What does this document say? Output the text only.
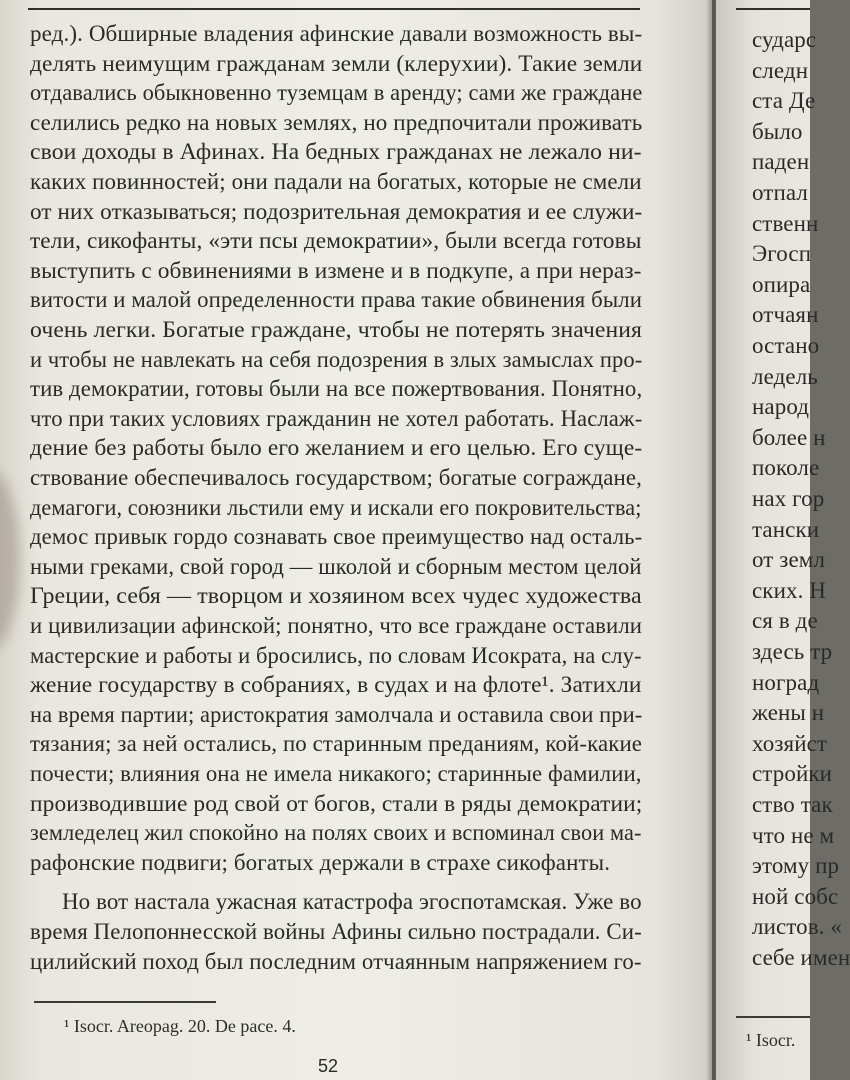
ред.). Обширные владения афинские давали возможность вы-
делять неимущим гражданам земли (клерухии). Такие земли
отдавались обыкновенно туземцам в аренду; сами же граждане
селились редко на новых землях, но предпочитали проживать
свои доходы в Афинах. На бедных гражданах не лежало ни-
каких повинностей; они падали на богатых, которые не смели
от них отказываться; подозрительная демократия и ее служи-
тели, сикофанты, «эти псы демократии», были всегда готовы
выступить с обвинениями в измене и в подкупе, а при нераз-
витости и малой определенности права такие обвинения были
очень легки. Богатые граждане, чтобы не потерять значения
и чтобы не навлекать на себя подозрения в злых замыслах про-
тив демократии, готовы были на все пожертвования. Понятно,
что при таких условиях гражданин не хотел работать. Наслаж-
дение без работы было его желанием и его целью. Его суще-
ствование обеспечивалось государством; богатые сограждане,
демагоги, союзники льстили ему и искали его покровительства;
демос привык гордо сознавать свое преимущество над осталь-
ными греками, свой город — школой и сборным местом целой
Греции, себя — творцом и хозяином всех чудес художества
и цивилизации афинской; понятно, что все граждане оставили
мастерские и работы и бросились, по словам Исократа, на слу-
жение государству в собраниях, в судах и на флоте¹. Затихли
на время партии; аристократия замолчала и оставила свои при-
тязания; за ней остались, по старинным преданиям, кой-какие
почести; влияния она не имела никакого; старинные фамилии,
производившие род свой от богов, стали в ряды демократии;
земледелец жил спокойно на полях своих и вспоминал свои ма-
рафонские подвиги; богатых держали в страхе сикофанты.
Но вот настала ужасная катастрофа эгоспотамская. Уже во
время Пелопоннесской войны Афины сильно пострадали. Си-
цилийский поход был последним отчаянным напряжением го-
¹ Isocr. Areopag. 20. De pace. 4.
52
сударс
следн
ста Де
было
паден
отпал
ственн
Эгосп
опира
отчаян
остано
ледель
народ
более н
поколе
нах гор
тански
от земл
ских. Н
ся в де
здесь тр
ноград
жены н
хозяйст
стройки
ство так
что не м
этому пр
ной собс
листов. «
себе имен
¹ Isocr.
